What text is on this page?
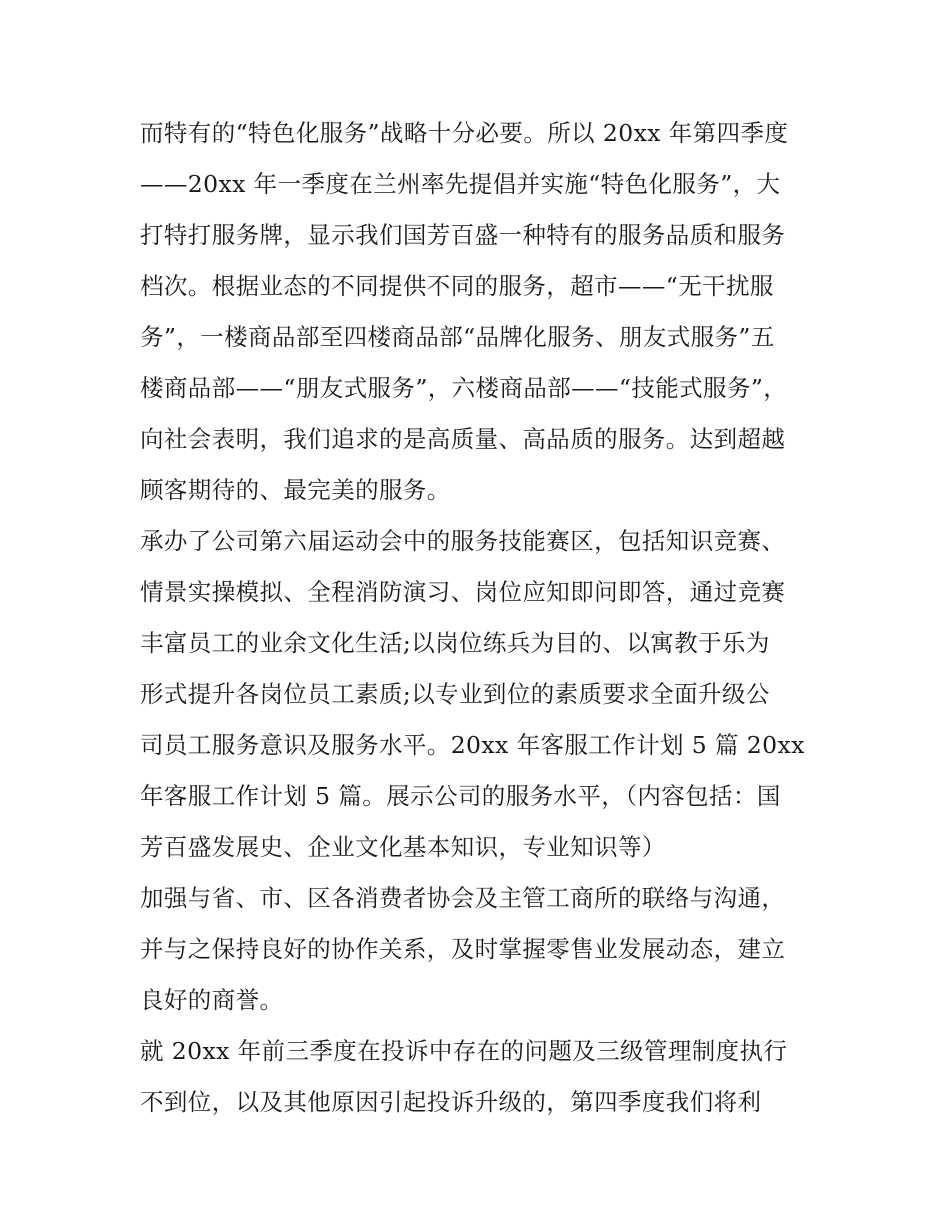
而特有的“特色化服务”战略十分必要。所以 20xx 年第四季度
——20xx 年一季度在兰州率先提倡并实施“特色化服务”，大
打特打服务牌，显示我们国芳百盛一种特有的服务品质和服务
档次。根据业态的不同提供不同的服务，超市——“无干扰服
务”，一楼商品部至四楼商品部“品牌化服务、朋友式服务”五
楼商品部——“朋友式服务”，六楼商品部——“技能式服务”，
向社会表明，我们追求的是高质量、高品质的服务。达到超越
顾客期待的、最完美的服务。
承办了公司第六届运动会中的服务技能赛区，包括知识竞赛、
情景实操模拟、全程消防演习、岗位应知即问即答，通过竞赛
丰富员工的业余文化生活;以岗位练兵为目的、以寓教于乐为
形式提升各岗位员工素质;以专业到位的素质要求全面升级公
司员工服务意识及服务水平。20xx 年客服工作计划 5 篇 20xx
年客服工作计划 5 篇。展示公司的服务水平，（内容包括：国
芳百盛发展史、企业文化基本知识，专业知识等）
加强与省、市、区各消费者协会及主管工商所的联络与沟通，
并与之保持良好的协作关系，及时掌握零售业发展动态，建立
良好的商誉。
就 20xx 年前三季度在投诉中存在的问题及三级管理制度执行
不到位，以及其他原因引起投诉升级的，第四季度我们将利
